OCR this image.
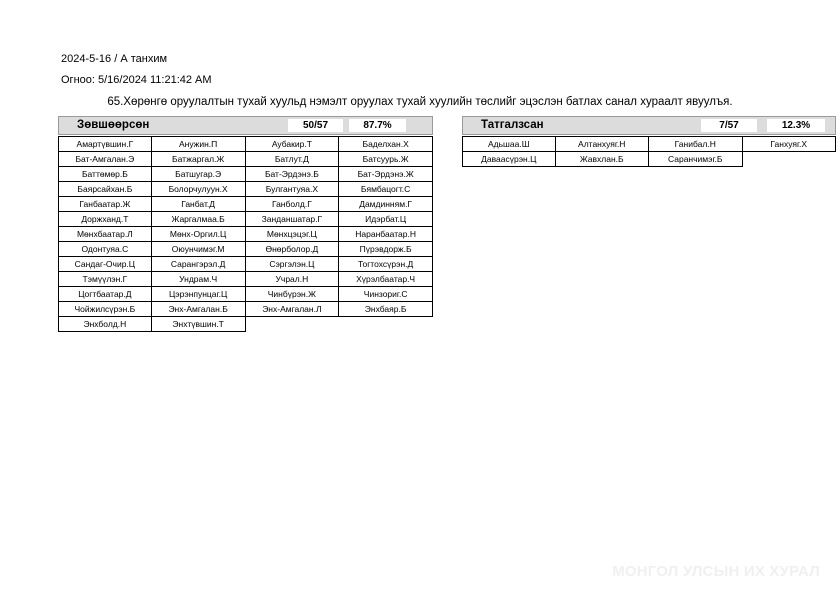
2024-5-16 / А танхим
Огноо: 5/16/2024 11:21:42 AM
65.Хөрөнгө оруулалтын тухай хуульд нэмэлт оруулах тухай хуулийн төслийг эцэслэн батлах санал хураалт явуулъя.
Зөвшөөрсөн	50/57	87.7%
Амартүвшин.Г	Анужин.П	Аубакир.Т	Баделхан.Х
Бат-Амгалан.Э	Батжаргал.Ж	Батлут.Д	Батсуурь.Ж
Баттөмөр.Б	Батшугар.Э	Бат-Эрдэнэ.Б	Бат-Эрдэнэ.Ж
Баярсайхан.Б	Болорчулуун.Х	Булгантуяа.Х	Бямбацогт.С
Ганбаатар.Ж	Ганбат.Д	Ганболд.Г	Дамдинням.Г
Доржханд.Т	Жаргалмаа.Б	Занданшатар.Г	Идэрбат.Ц
Мөнхбаатар.Л	Мөнх-Оргил.Ц	Мөнхцэцэг.Ц	Наранбаатар.Н
Одонтуяа.С	Оюунчимэг.М	Өнөрболор.Д	Пүрэвдорж.Б
Сандаг-Очир.Ц	Сарангэрэл.Д	Сэргэлэн.Ц	Тогтохсүрэн.Д
Тэмүүлэн.Г	Ундрам.Ч	Учрал.Н	Хүрэлбаатар.Ч
Цогтбаатар.Д	Цэрэнпунцаг.Ц	Чинбүрэн.Ж	Чинзориг.С
Чойжилсүрэн.Б	Энх-Амгалан.Б	Энх-Амгалан.Л	Энхбаяр.Б
Энхболд.Н	Энхтүвшин.Т
Татгалзсан	7/57	12.3%
Адьшаа.Ш	Алтанхуяг.Н	Ганибал.Н	Ганхуяг.Х
Даваасүрэн.Ц	Жавхлан.Б	Саранчимэг.Б
МОНГОЛ УЛСЫН ИХ ХУРАЛ
